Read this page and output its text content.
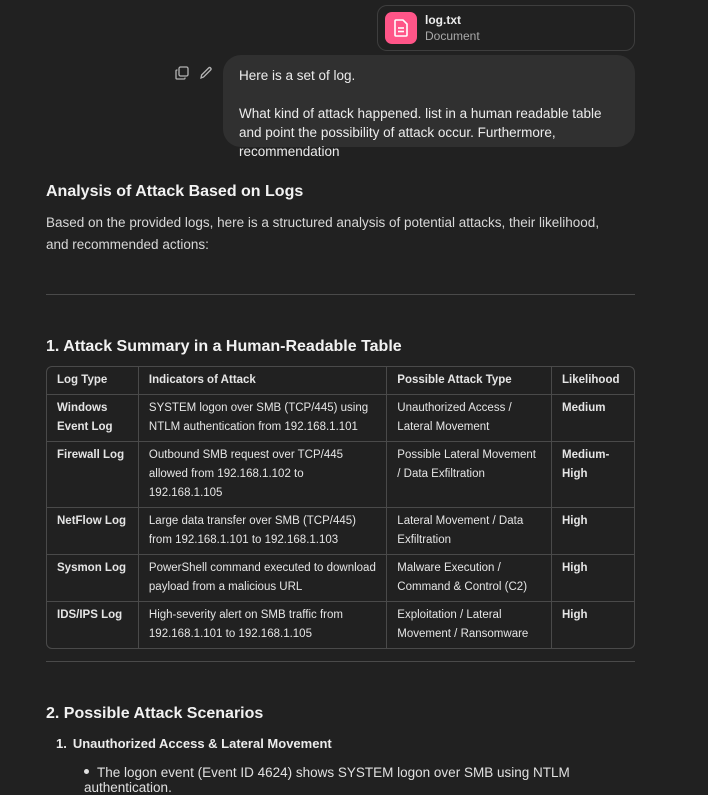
log.txt
Document

Here is a set of log.

What kind of attack happened. list in a human readable table and point the possibility of attack occur. Furthermore, recommendation

Analysis of Attack Based on Logs

Based on the provided logs, here is a structured analysis of potential attacks, their likelihood, and recommended actions:

1. Attack Summary in a Human-Readable Table
Log Type	Indicators of Attack	Possible Attack Type	Likelihood
Windows Event Log	SYSTEM logon over SMB (TCP/445) using NTLM authentication from 192.168.1.101	Unauthorized Access / Lateral Movement	Medium
Firewall Log	Outbound SMB request over TCP/445 allowed from 192.168.1.102 to 192.168.1.105	Possible Lateral Movement / Data Exfiltration	Medium-High
NetFlow Log	Large data transfer over SMB (TCP/445) from 192.168.1.101 to 192.168.1.103	Lateral Movement / Data Exfiltration	High
Sysmon Log	PowerShell command executed to download payload from a malicious URL	Malware Execution / Command & Control (C2)	High
IDS/IPS Log	High-severity alert on SMB traffic from 192.168.1.101 to 192.168.1.105	Exploitation / Lateral Movement / Ransomware	High
2. Possible Attack Scenarios
1. Unauthorized Access & Lateral Movement
The logon event (Event ID 4624) shows SYSTEM logon over SMB using NTLM authentication.
